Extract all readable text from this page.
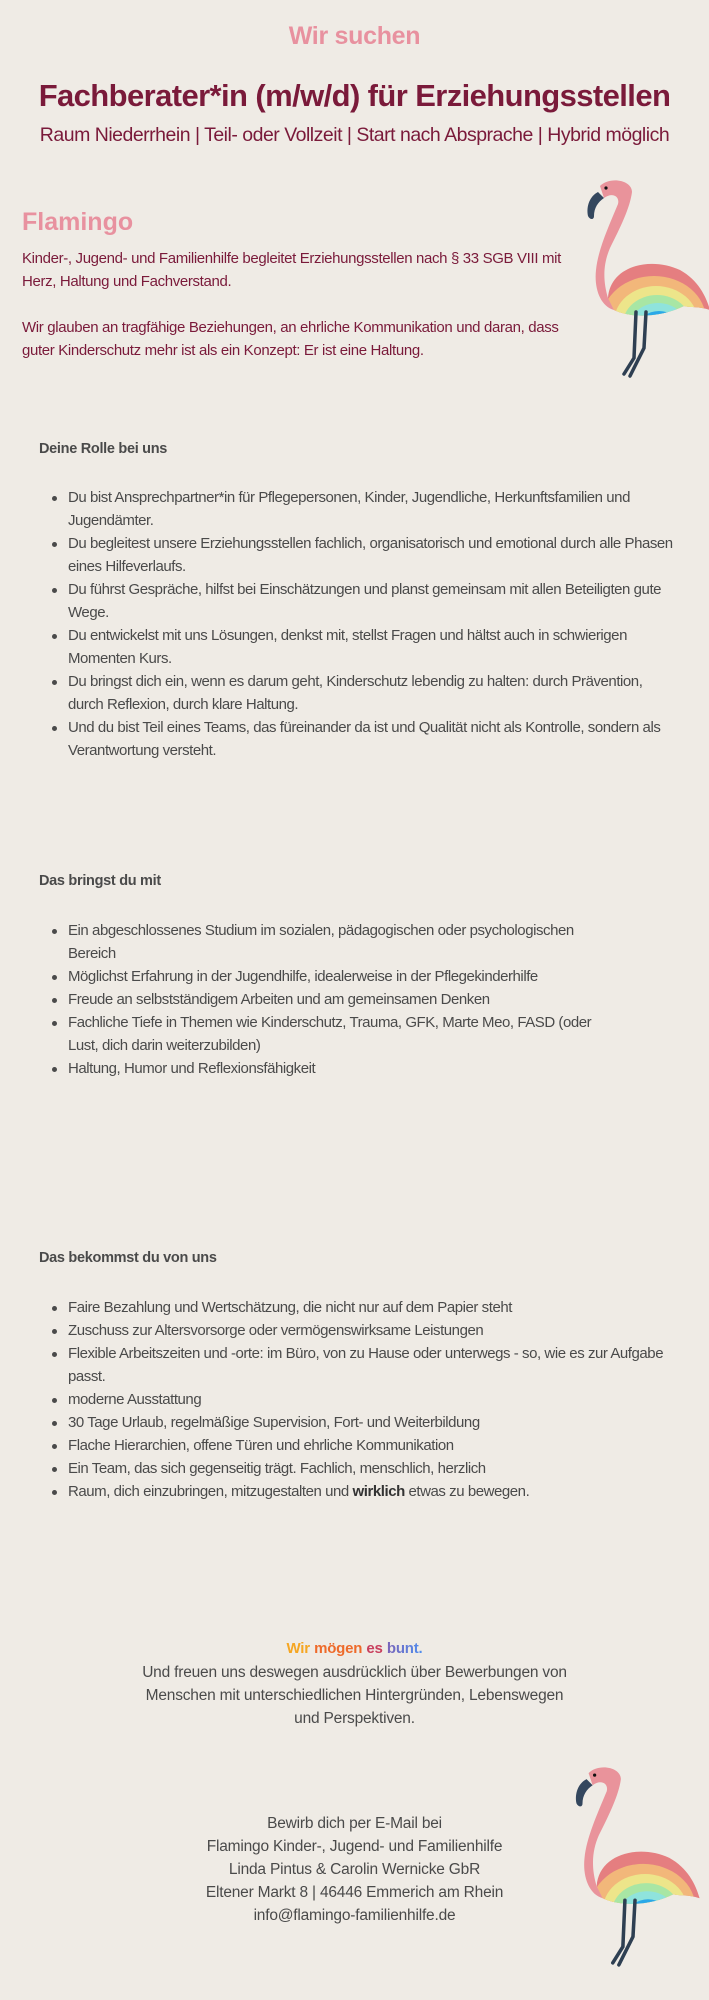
Wir suchen
Fachberater*in (m/w/d) für Erziehungsstellen
Raum Niederrhein | Teil- oder Vollzeit | Start nach Absprache | Hybrid möglich
Flamingo
Kinder-, Jugend- und Familienhilfe begleitet Erziehungsstellen nach § 33 SGB VIII mit Herz, Haltung und Fachverstand.
Wir glauben an tragfähige Beziehungen, an ehrliche Kommunikation und daran, dass guter Kinderschutz mehr ist als ein Konzept: Er ist eine Haltung.
Deine Rolle bei uns
Du bist Ansprechpartner*in für Pflegepersonen, Kinder, Jugendliche, Herkunftsfamilien und Jugendämter.
Du begleitest unsere Erziehungsstellen fachlich, organisatorisch und emotional durch alle Phasen eines Hilfeverlaufs.
Du führst Gespräche, hilfst bei Einschätzungen und planst gemeinsam mit allen Beteiligten gute Wege.
Du entwickelst mit uns Lösungen, denkst mit, stellst Fragen und hältst auch in schwierigen Momenten Kurs.
Du bringst dich ein, wenn es darum geht, Kinderschutz lebendig zu halten: durch Prävention, durch Reflexion, durch klare Haltung.
Und du bist Teil eines Teams, das füreinander da ist und Qualität nicht als Kontrolle, sondern als Verantwortung versteht.
Das bringst du mit
Ein abgeschlossenes Studium im sozialen, pädagogischen oder psychologischen Bereich
Möglichst Erfahrung in der Jugendhilfe, idealerweise in der Pflegekinderhilfe
Freude an selbstständigem Arbeiten und am gemeinsamen Denken
Fachliche Tiefe in Themen wie Kinderschutz, Trauma, GFK, Marte Meo, FASD (oder Lust, dich darin weiterzubilden)
Haltung, Humor und Reflexionsfähigkeit
Das bekommst du von uns
Faire Bezahlung und Wertschätzung, die nicht nur auf dem Papier steht
Zuschuss zur Altersvorsorge oder vermögenswirksame Leistungen
Flexible Arbeitszeiten und -orte: im Büro, von zu Hause oder unterwegs - so, wie es zur Aufgabe passt.
moderne Ausstattung
30 Tage Urlaub, regelmäßige Supervision, Fort- und Weiterbildung
Flache Hierarchien, offene Türen und ehrliche Kommunikation
Ein Team, das sich gegenseitig trägt. Fachlich, menschlich, herzlich
Raum, dich einzubringen, mitzugestalten und wirklich etwas zu bewegen.
Wir mögen es bunt.
Und freuen uns deswegen ausdrücklich über Bewerbungen von
Menschen mit unterschiedlichen Hintergründen, Lebenswegen
und Perspektiven.
Bewirb dich per E-Mail bei
Flamingo Kinder-, Jugend- und Familienhilfe
Linda Pintus & Carolin Wernicke GbR
Eltener Markt 8 | 46446 Emmerich am Rhein
info@flamingo-familienhilfe.de
